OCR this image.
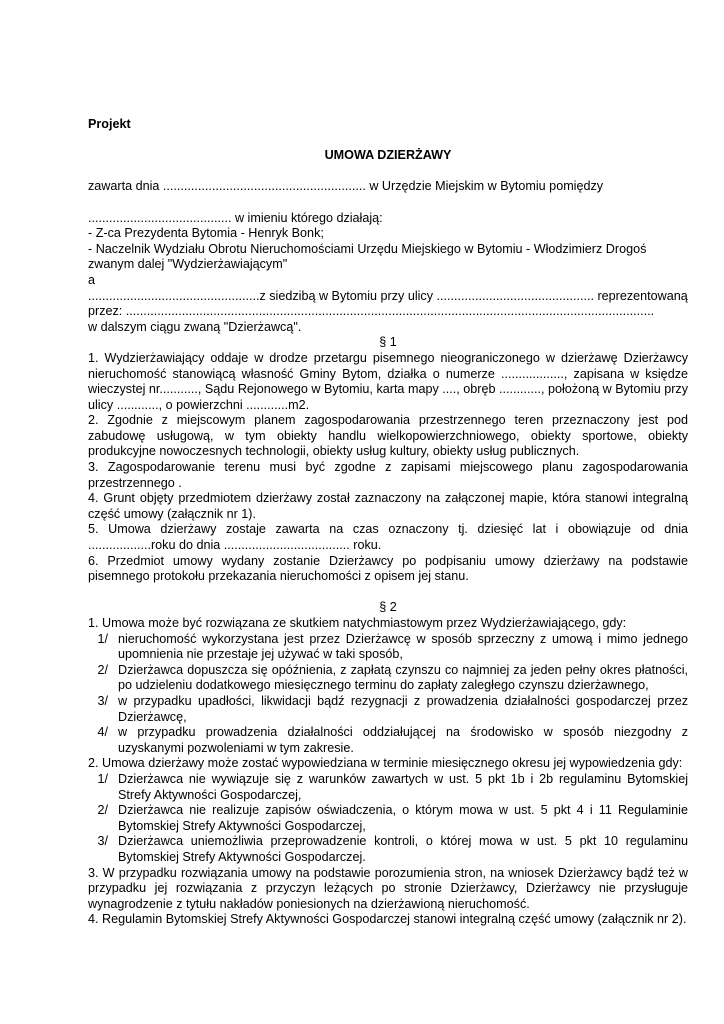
Projekt

UMOWA DZIERŻAWY

zawarta dnia .......................................................... w Urzędzie Miejskim w Bytomiu pomiędzy

......................................... w imieniu którego działają:

- Z-ca Prezydenta Bytomia - Henryk Bonk;

- Naczelnik Wydziału Obrotu Nieruchomościami Urzędu Miejskiego w Bytomiu - Włodzimierz Drogoś

zwanym dalej "Wydzierżawiającym"

a

.................................................z siedzibą w Bytomiu przy ulicy ............................................. reprezentowaną

przez: .......................................................................................................................................................

w dalszym ciągu zwaną "Dzierżawcą".

§ 1

1. Wydzierżawiający oddaje w drodze przetargu pisemnego nieograniczonego w dzierżawę Dzierżawcy nieruchomość stanowiącą własność Gminy Bytom, działka o numerze .................., zapisana w księdze wieczystej nr..........., Sądu Rejonowego w Bytomiu, karta mapy ...., obręb ............, położoną w Bytomiu przy ulicy ............, o powierzchni ............m2.

2. Zgodnie z miejscowym planem zagospodarowania przestrzennego teren przeznaczony jest pod zabudowę usługową, w tym obiekty handlu wielkopowierzchniowego, obiekty sportowe, obiekty produkcyjne nowoczesnych technologii, obiekty usług kultury, obiekty usług publicznych.

3. Zagospodarowanie terenu musi być zgodne z zapisami miejscowego planu zagospodarowania przestrzennego .

4. Grunt objęty przedmiotem dzierżawy został zaznaczony na załączonej mapie, która stanowi integralną część umowy (załącznik nr 1).

5. Umowa dzierżawy zostaje zawarta na czas oznaczony tj. dziesięć lat i obowiązuje od dnia ..................roku do dnia .................................... roku.

6. Przedmiot umowy wydany zostanie Dzierżawcy po podpisaniu umowy dzierżawy na podstawie pisemnego protokołu przekazania nieruchomości z opisem jej stanu.

§ 2

1. Umowa może być rozwiązana ze skutkiem natychmiastowym przez Wydzierżawiającego, gdy:

1/ nieruchomość wykorzystana jest przez Dzierżawcę w sposób sprzeczny z umową i mimo jednego upomnienia nie przestaje jej używać w taki sposób,
2/ Dzierżawca dopuszcza się opóźnienia, z zapłatą czynszu co najmniej za jeden pełny okres płatności, po udzieleniu dodatkowego miesięcznego terminu do zapłaty zaległego czynszu dzierżawnego,
3/ w przypadku upadłości, likwidacji bądź rezygnacji z prowadzenia działalności gospodarczej przez Dzierżawcę,
4/ w przypadku prowadzenia działalności oddziałującej na środowisko w sposób niezgodny z uzyskanymi pozwoleniami w tym zakresie.

2. Umowa dzierżawy może zostać wypowiedziana w terminie miesięcznego okresu jej wypowiedzenia gdy:

1/ Dzierżawca nie wywiązuje się z warunków zawartych w ust. 5 pkt 1b i 2b regulaminu Bytomskiej Strefy Aktywności Gospodarczej,
2/ Dzierżawca nie realizuje zapisów oświadczenia, o którym mowa w ust. 5 pkt 4 i 11 Regulaminie Bytomskiej Strefy Aktywności Gospodarczej,
3/ Dzierżawca uniemożliwia przeprowadzenie kontroli, o której mowa w ust. 5 pkt 10 regulaminu Bytomskiej Strefy Aktywności Gospodarczej.

3. W przypadku rozwiązania umowy na podstawie porozumienia stron, na wniosek Dzierżawcy bądź też w przypadku jej rozwiązania z przyczyn leżących po stronie Dzierżawcy, Dzierżawcy nie przysługuje wynagrodzenie z tytułu nakładów poniesionych na dzierżawioną nieruchomość.

4. Regulamin Bytomskiej Strefy Aktywności Gospodarczej stanowi integralną część umowy (załącznik nr 2).
